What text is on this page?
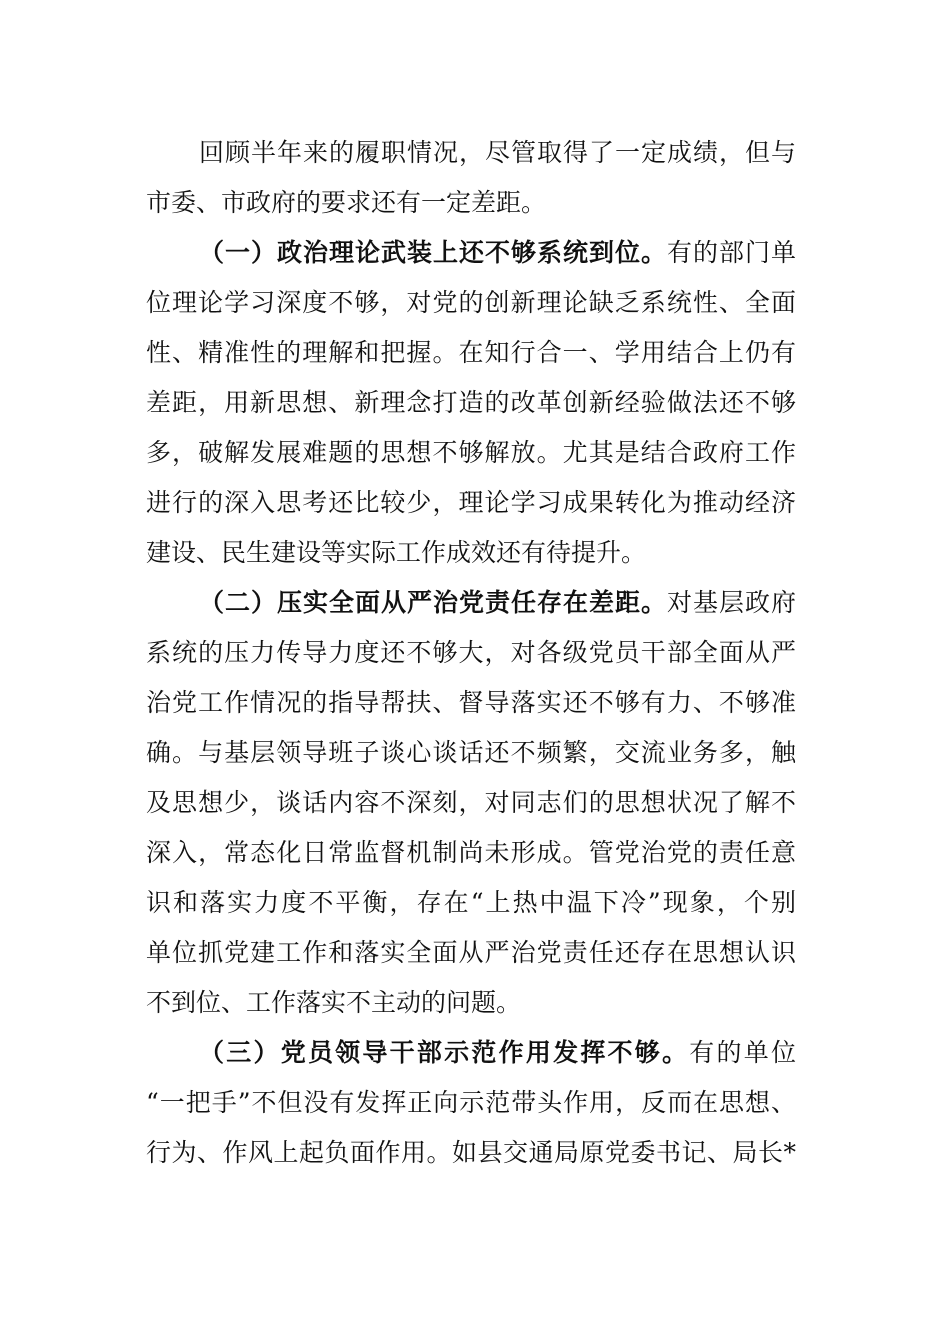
回顾半年来的履职情况，尽管取得了一定成绩，但与
市委、市政府的要求还有一定差距。
（一）政治理论武装上还不够系统到位。有的部门单
位理论学习深度不够，对党的创新理论缺乏系统性、全面
性、精准性的理解和把握。在知行合一、学用结合上仍有
差距，用新思想、新理念打造的改革创新经验做法还不够
多，破解发展难题的思想不够解放。尤其是结合政府工作
进行的深入思考还比较少，理论学习成果转化为推动经济
建设、民生建设等实际工作成效还有待提升。
（二）压实全面从严治党责任存在差距。对基层政府
系统的压力传导力度还不够大，对各级党员干部全面从严
治党工作情况的指导帮扶、督导落实还不够有力、不够准
确。与基层领导班子谈心谈话还不频繁，交流业务多，触
及思想少，谈话内容不深刻，对同志们的思想状况了解不
深入，常态化日常监督机制尚未形成。管党治党的责任意
识和落实力度不平衡，存在“上热中温下冷”现象，个别
单位抓党建工作和落实全面从严治党责任还存在思想认识
不到位、工作落实不主动的问题。
（三）党员领导干部示范作用发挥不够。有的单位
“一把手”不但没有发挥正向示范带头作用，反而在思想、
行为、作风上起负面作用。如县交通局原党委书记、局长*
